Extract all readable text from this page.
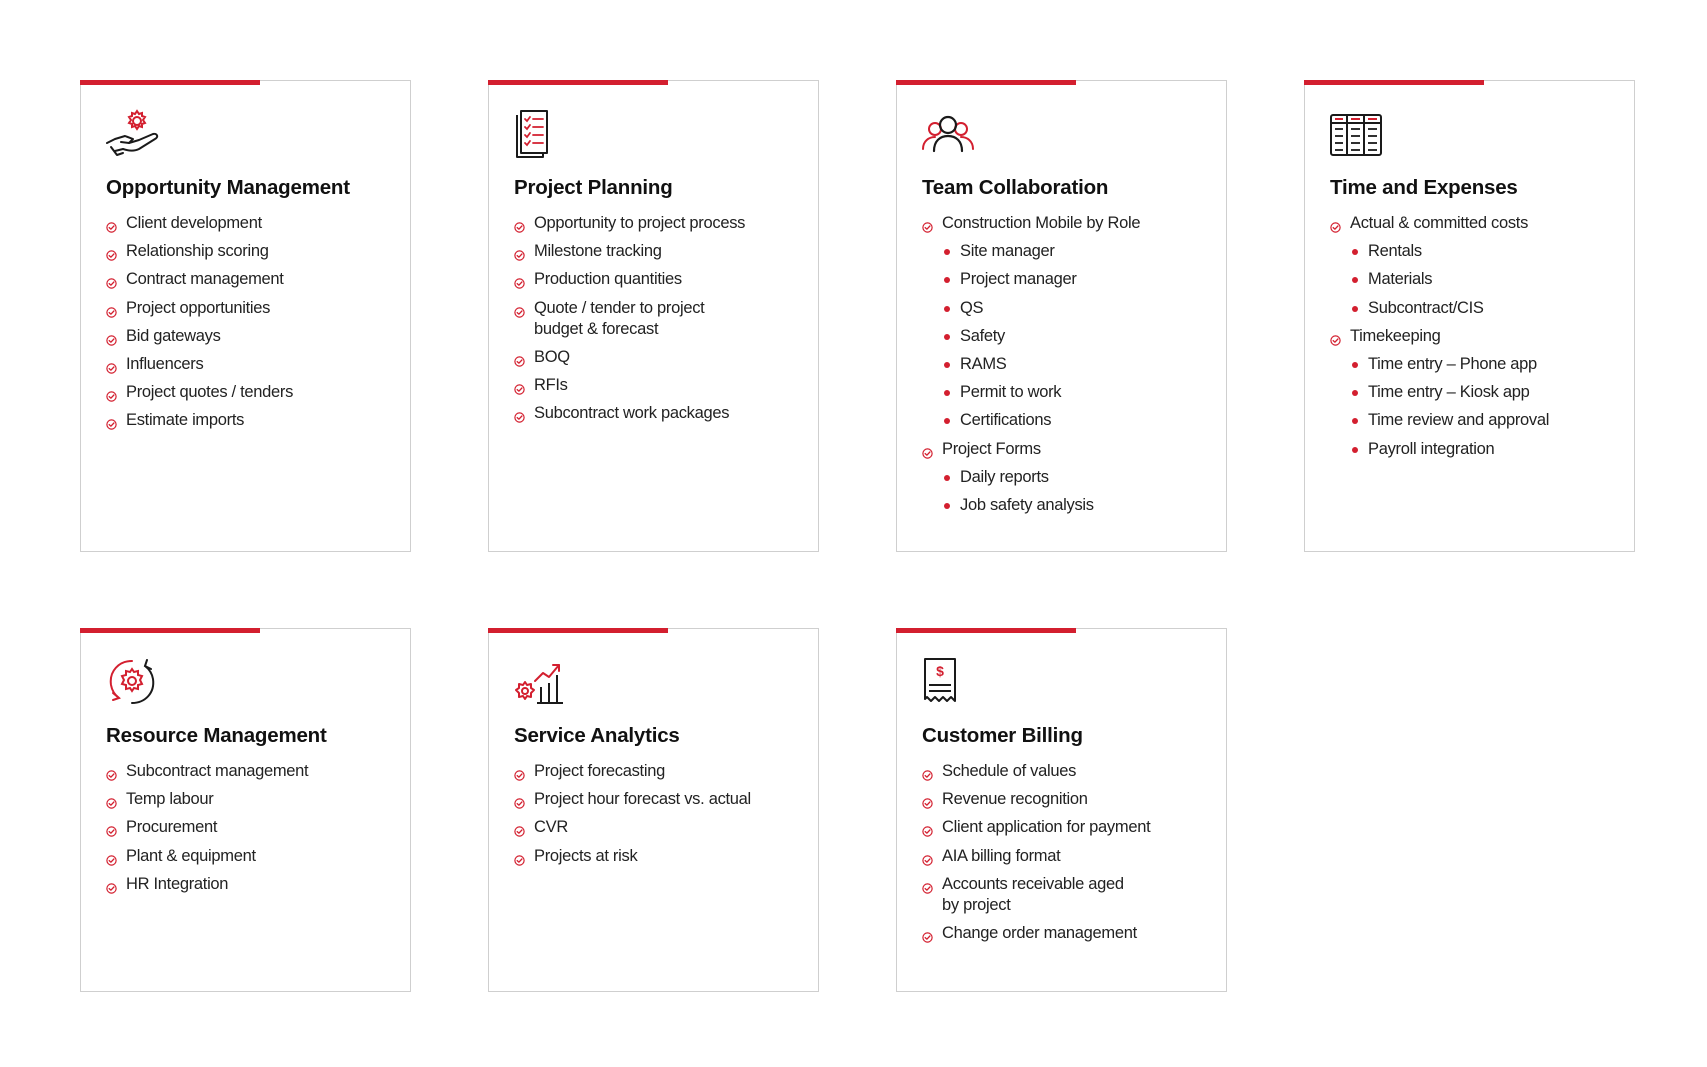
Opportunity Management
Client development
Relationship scoring
Contract management
Project opportunities
Bid gateways
Influencers
Project quotes / tenders
Estimate imports
Project Planning
Opportunity to project process
Milestone tracking
Production quantities
Quote / tender to project
budget & forecast
BOQ
RFIs
Subcontract work packages
Team Collaboration
Construction Mobile by Role
Site manager
Project manager
QS
Safety
RAMS
Permit to work
Certifications
Project Forms
Daily reports
Job safety analysis
Time and Expenses
Actual & committed costs
Rentals
Materials
Subcontract/CIS
Timekeeping
Time entry – Phone app
Time entry – Kiosk app
Time review and approval
Payroll integration
Resource Management
Subcontract management
Temp labour
Procurement
Plant & equipment
HR Integration
Service Analytics
Project forecasting
Project hour forecast vs. actual
CVR
Projects at risk
$
Customer Billing
Schedule of values
Revenue recognition
Client application for payment
AIA billing format
Accounts receivable aged
by project
Change order management
